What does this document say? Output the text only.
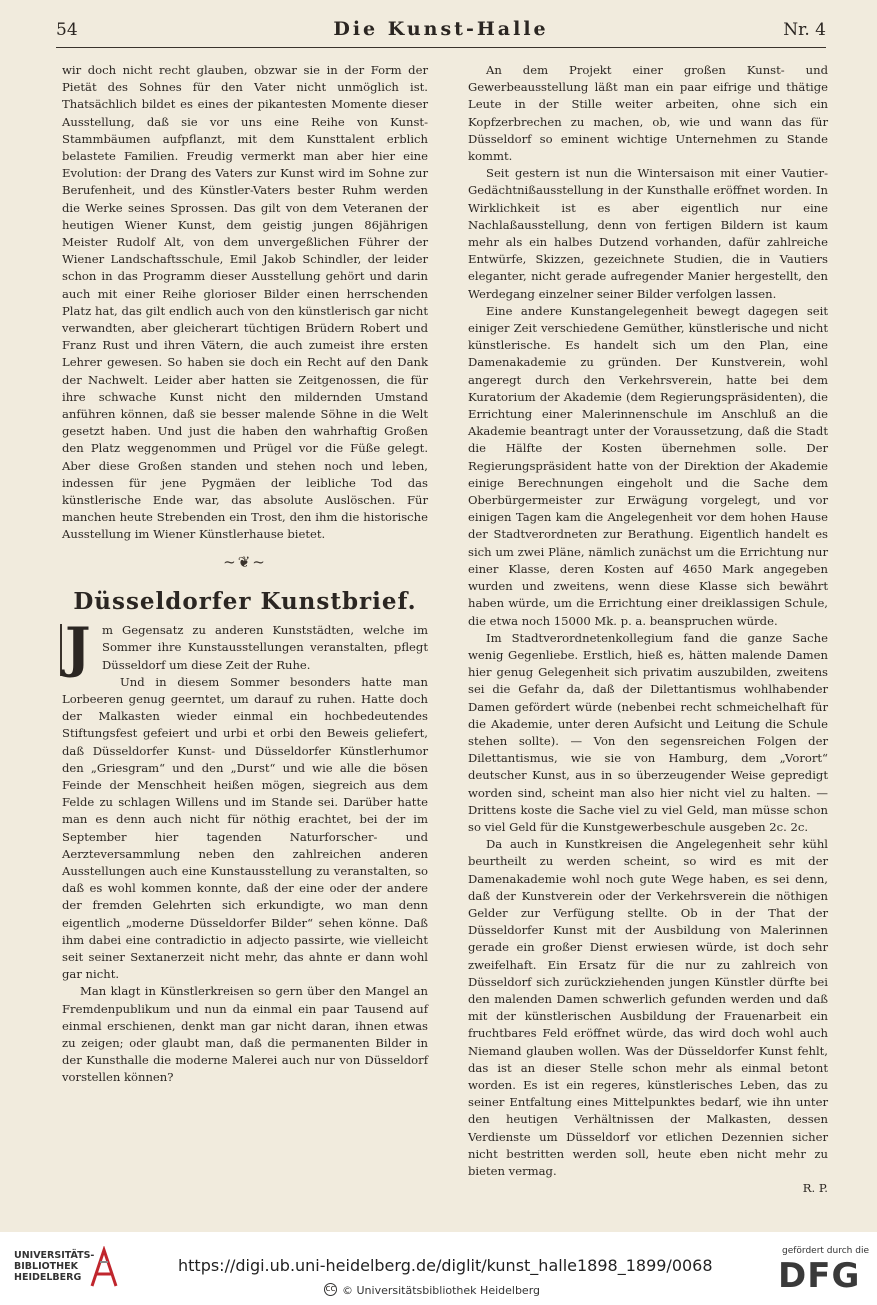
54	Die Kunst-Halle	Nr. 4

wir doch nicht recht glauben, obzwar sie in der Form der Pietät des Sohnes für den Vater nicht unmöglich ist. Thatsächlich bildet es eines der pikantesten Momente dieser Ausstellung, daß sie vor uns eine Reihe von Kunst-Stammbäumen aufpflanzt, mit dem Kunsttalent erblich belastete Familien. Freudig vermerkt man aber hier eine Evolution: der Drang des Vaters zur Kunst wird im Sohne zur Berufenheit, und des Künstler-Vaters bester Ruhm werden die Werke seines Sprossen. Das gilt von dem Veteranen der heutigen Wiener Kunst, dem geistig jungen 86jährigen Meister Rudolf Alt, von dem unvergeßlichen Führer der Wiener Landschaftsschule, Emil Jakob Schindler, der leider schon in das Programm dieser Ausstellung gehört und darin auch mit einer Reihe glorioser Bilder einen herrschenden Platz hat, das gilt endlich auch von den künstlerisch gar nicht verwandten, aber gleicherart tüchtigen Brüdern Robert und Franz Rust und ihren Vätern, die auch zumeist ihre ersten Lehrer gewesen. So haben sie doch ein Recht auf den Dank der Nachwelt. Leider aber hatten sie Zeitgenossen, die für ihre schwache Kunst nicht den mildernden Umstand anführen können, daß sie besser malende Söhne in die Welt gesetzt haben. Und just die haben den wahrhaftig Großen den Platz weggenommen und Prügel vor die Füße gelegt. Aber diese Großen standen und stehen noch und leben, indessen für jene Pygmäen der leibliche Tod das künstlerische Ende war, das absolute Auslöschen. Für manchen heute Strebenden ein Trost, den ihm die historische Ausstellung im Wiener Künstlerhause bietet.

~❦~
Düsseldorfer Kunstbrief.
J m Gegensatz zu anderen Kunststädten, welche im Sommer ihre Kunstausstellungen veranstalten, pflegt Düsseldorf um diese Zeit der Ruhe.

Und in diesem Sommer besonders hatte man Lorbeeren genug geerntet, um darauf zu ruhen. Hatte doch der Malkasten wieder einmal ein hochbedeutendes Stiftungsfest gefeiert und urbi et orbi den Beweis geliefert, daß Düsseldorfer Kunst- und Düsseldorfer Künstlerhumor den „Griesgram“ und den „Durst“ und wie alle die bösen Feinde der Menschheit heißen mögen, siegreich aus dem Felde zu schlagen Willens und im Stande sei. Darüber hatte man es denn auch nicht für nöthig erachtet, bei der im September hier tagenden Naturforscher- und Aerzteversammlung neben den zahlreichen anderen Ausstellungen auch eine Kunstausstellung zu veranstalten, so daß es wohl kommen konnte, daß der eine oder der andere der fremden Gelehrten sich erkundigte, wo man denn eigentlich „moderne Düsseldorfer Bilder“ sehen könne. Daß ihm dabei eine contradictio in adjecto passirte, wie vielleicht seit seiner Sextanerzeit nicht mehr, das ahnte er dann wohl gar nicht.

Man klagt in Künstlerkreisen so gern über den Mangel an Fremdenpublikum und nun da einmal ein paar Tausend auf einmal erschienen, denkt man gar nicht daran, ihnen etwas zu zeigen; oder glaubt man, daß die permanenten Bilder in der Kunsthalle die moderne Malerei auch nur von Düsseldorf vorstellen können?

An dem Projekt einer großen Kunst- und Gewerbeausstellung läßt man ein paar eifrige und thätige Leute in der Stille weiter arbeiten, ohne sich ein Kopfzerbrechen zu machen, ob, wie und wann das für Düsseldorf so eminent wichtige Unternehmen zu Stande kommt.

Seit gestern ist nun die Wintersaison mit einer Vautier-Gedächtnißausstellung in der Kunsthalle eröffnet worden. In Wirklichkeit ist es aber eigentlich nur eine Nachlaßausstellung, denn von fertigen Bildern ist kaum mehr als ein halbes Dutzend vorhanden, dafür zahlreiche Entwürfe, Skizzen, gezeichnete Studien, die in Vautiers eleganter, nicht gerade aufregender Manier hergestellt, den Werdegang einzelner seiner Bilder verfolgen lassen.

Eine andere Kunstangelegenheit bewegt dagegen seit einiger Zeit verschiedene Gemüther, künstlerische und nicht künstlerische. Es handelt sich um den Plan, eine Damenakademie zu gründen. Der Kunstverein, wohl angeregt durch den Verkehrsverein, hatte bei dem Kuratorium der Akademie (dem Regierungspräsidenten), die Errichtung einer Malerinnenschule im Anschluß an die Akademie beantragt unter der Voraussetzung, daß die Stadt die Hälfte der Kosten übernehmen solle. Der Regierungspräsident hatte von der Direktion der Akademie einige Berechnungen eingeholt und die Sache dem Oberbürgermeister zur Erwägung vorgelegt, und vor einigen Tagen kam die Angelegenheit vor dem hohen Hause der Stadtverordneten zur Berathung. Eigentlich handelt es sich um zwei Pläne, nämlich zunächst um die Errichtung nur einer Klasse, deren Kosten auf 4650 Mark angegeben wurden und zweitens, wenn diese Klasse sich bewährt haben würde, um die Errichtung einer dreiklassigen Schule, die etwa noch 15000 Mk. p. a. beanspruchen würde.

Im Stadtverordnetenkollegium fand die ganze Sache wenig Gegenliebe. Erstlich, hieß es, hätten malende Damen hier genug Gelegenheit sich privatim auszubilden, zweitens sei die Gefahr da, daß der Dilettantismus wohlhabender Damen gefördert würde (nebenbei recht schmeichelhaft für die Akademie, unter deren Aufsicht und Leitung die Schule stehen sollte). — Von den segensreichen Folgen der Dilettantismus, wie sie von Hamburg, dem „Vorort“ deutscher Kunst, aus in so überzeugender Weise gepredigt worden sind, scheint man also hier nicht viel zu halten. — Drittens koste die Sache viel zu viel Geld, man müsse schon so viel Geld für die Kunstgewerbeschule ausgeben 2c. 2c.

Da auch in Kunstkreisen die Angelegenheit sehr kühl beurtheilt zu werden scheint, so wird es mit der Damenakademie wohl noch gute Wege haben, es sei denn, daß der Kunstverein oder der Verkehrsverein die nöthigen Gelder zur Verfügung stellte. Ob in der That der Düsseldorfer Kunst mit der Ausbildung von Malerinnen gerade ein großer Dienst erwiesen würde, ist doch sehr zweifelhaft. Ein Ersatz für die nur zu zahlreich von Düsseldorf sich zurückziehenden jungen Künstler dürfte bei den malenden Damen schwerlich gefunden werden und daß mit der künstlerischen Ausbildung der Frauenarbeit ein fruchtbares Feld eröffnet würde, das wird doch wohl auch Niemand glauben wollen. Was der Düsseldorfer Kunst fehlt, das ist an dieser Stelle schon mehr als einmal betont worden. Es ist ein regeres, künstlerisches Leben, das zu seiner Entfaltung eines Mittelpunktes bedarf, wie ihn unter den heutigen Verhältnissen der Malkasten, dessen Verdienste um Düsseldorf vor etlichen Dezennien sicher nicht bestritten werden soll, heute eben nicht mehr zu bieten vermag.

R. P.
UNIVERSITÄTS-
BIBLIOTHEK
HEIDELBERG
https://digi.ub.uni-heidelberg.de/diglit/kunst_halle1898_1899/0068
cc © Universitätsbibliothek Heidelberg
gefördert durch die
DFG
